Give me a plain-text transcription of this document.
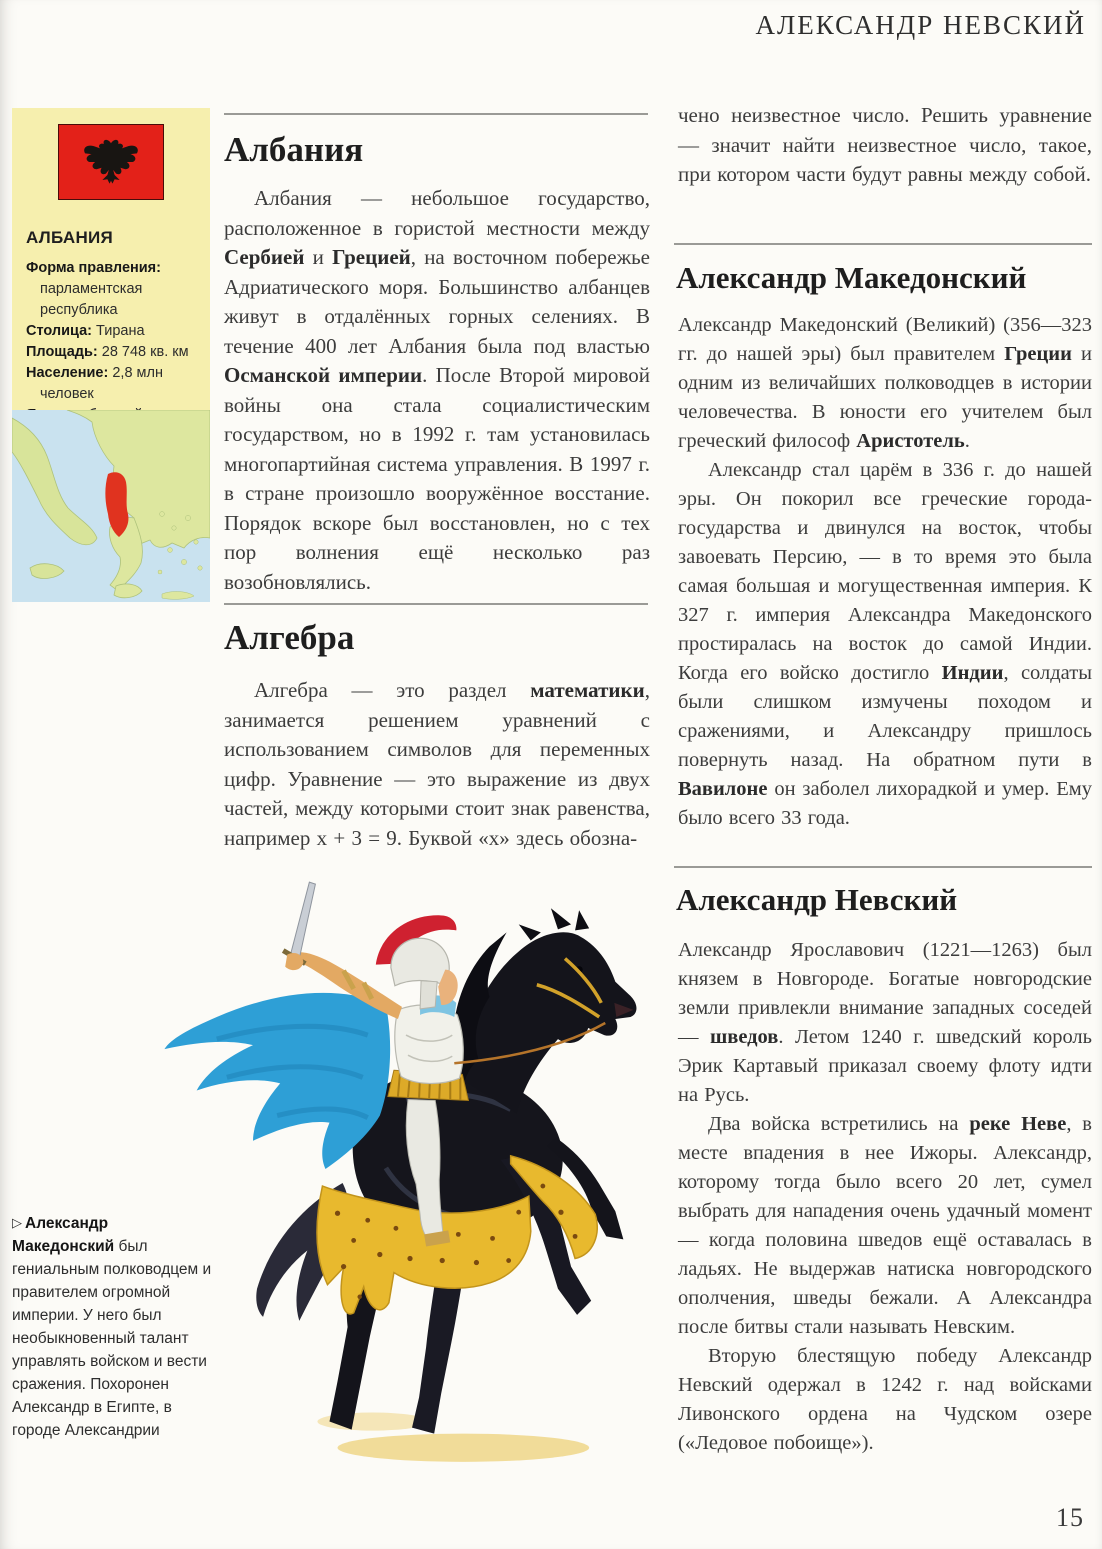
АЛЕКСАНДР НЕВСКИЙ
АЛБАНИЯ
Форма правления: парламентская республика
Столица: Тирана
Площадь: 28 748 кв. км
Население: 2,8 млн человек
Албания

Албания — небольшое государство, расположенное в гористой местности между Сербией и Грецией, на восточном побережье Адриатического моря. Большинство албанцев живут в отдалённых горных селениях. В течение 400 лет Албания была под властью Османской империи. После Второй мировой войны она стала социалистическим государством, но в 1992 г. там установилась многопартийная система управления. В 1997 г. в стране произошло вооружённое восстание. Порядок вскоре был восстановлен, но с тех пор волнения ещё несколько раз возобновлялись.

Алгебра

Алгебра — это раздел математики, занимается решением уравнений с использованием символов для переменных цифр. Уравнение — это выражение из двух частей, между которыми стоит знак равенства, например х + 3 = 9. Буквой «х» здесь обозна-

чено неизвестное число. Решить уравнение — значит найти неизвестное число, такое, при котором части будут равны между собой.

Александр Македонский

Александр Македонский (Великий) (356—323 гг. до нашей эры) был правителем Греции и одним из величайших полководцев в истории человечества. В юности его учителем был греческий философ Аристотель.

Александр стал царём в 336 г. до нашей эры. Он покорил все греческие города-государства и двинулся на восток, чтобы завоевать Персию, — в то время это была самая большая и могущественная империя. К 327 г. империя Александра Македонского простиралась на восток до самой Индии. Когда его войско достигло Индии, солдаты были слишком измучены походом и сражениями, и Александру пришлось повернуть назад. На обратном пути в Вавилоне он заболел лихорадкой и умер. Ему было всего 33 года.

Александр Невский

Александр Ярославович (1221—1263) был князем в Новгороде. Богатые новгородские земли привлекли внимание западных соседей — шведов. Летом 1240 г. шведский король Эрик Картавый приказал своему флоту идти на Русь.

Два войска встретились на реке Неве, в месте впадения в нее Ижоры. Александр, которому тогда было всего 20 лет, сумел выбрать для нападения очень удачный момент — когда половина шведов ещё оставалась в ладьях. Не выдержав натиска новгородского ополчения, шведы бежали. А Александра после битвы стали называть Невским.

Вторую блестящую победу Александр Невский одержал в 1242 г. над войсками Ливонского ордена на Чудском озере («Ледовое побоище»).

▷ Александр Македонский был гениальным полководцем и правителем огромной империи. У него был необыкновенный талант управлять войском и вести сражения. Похоронен Александр в Египте, в городе Александрии
15
